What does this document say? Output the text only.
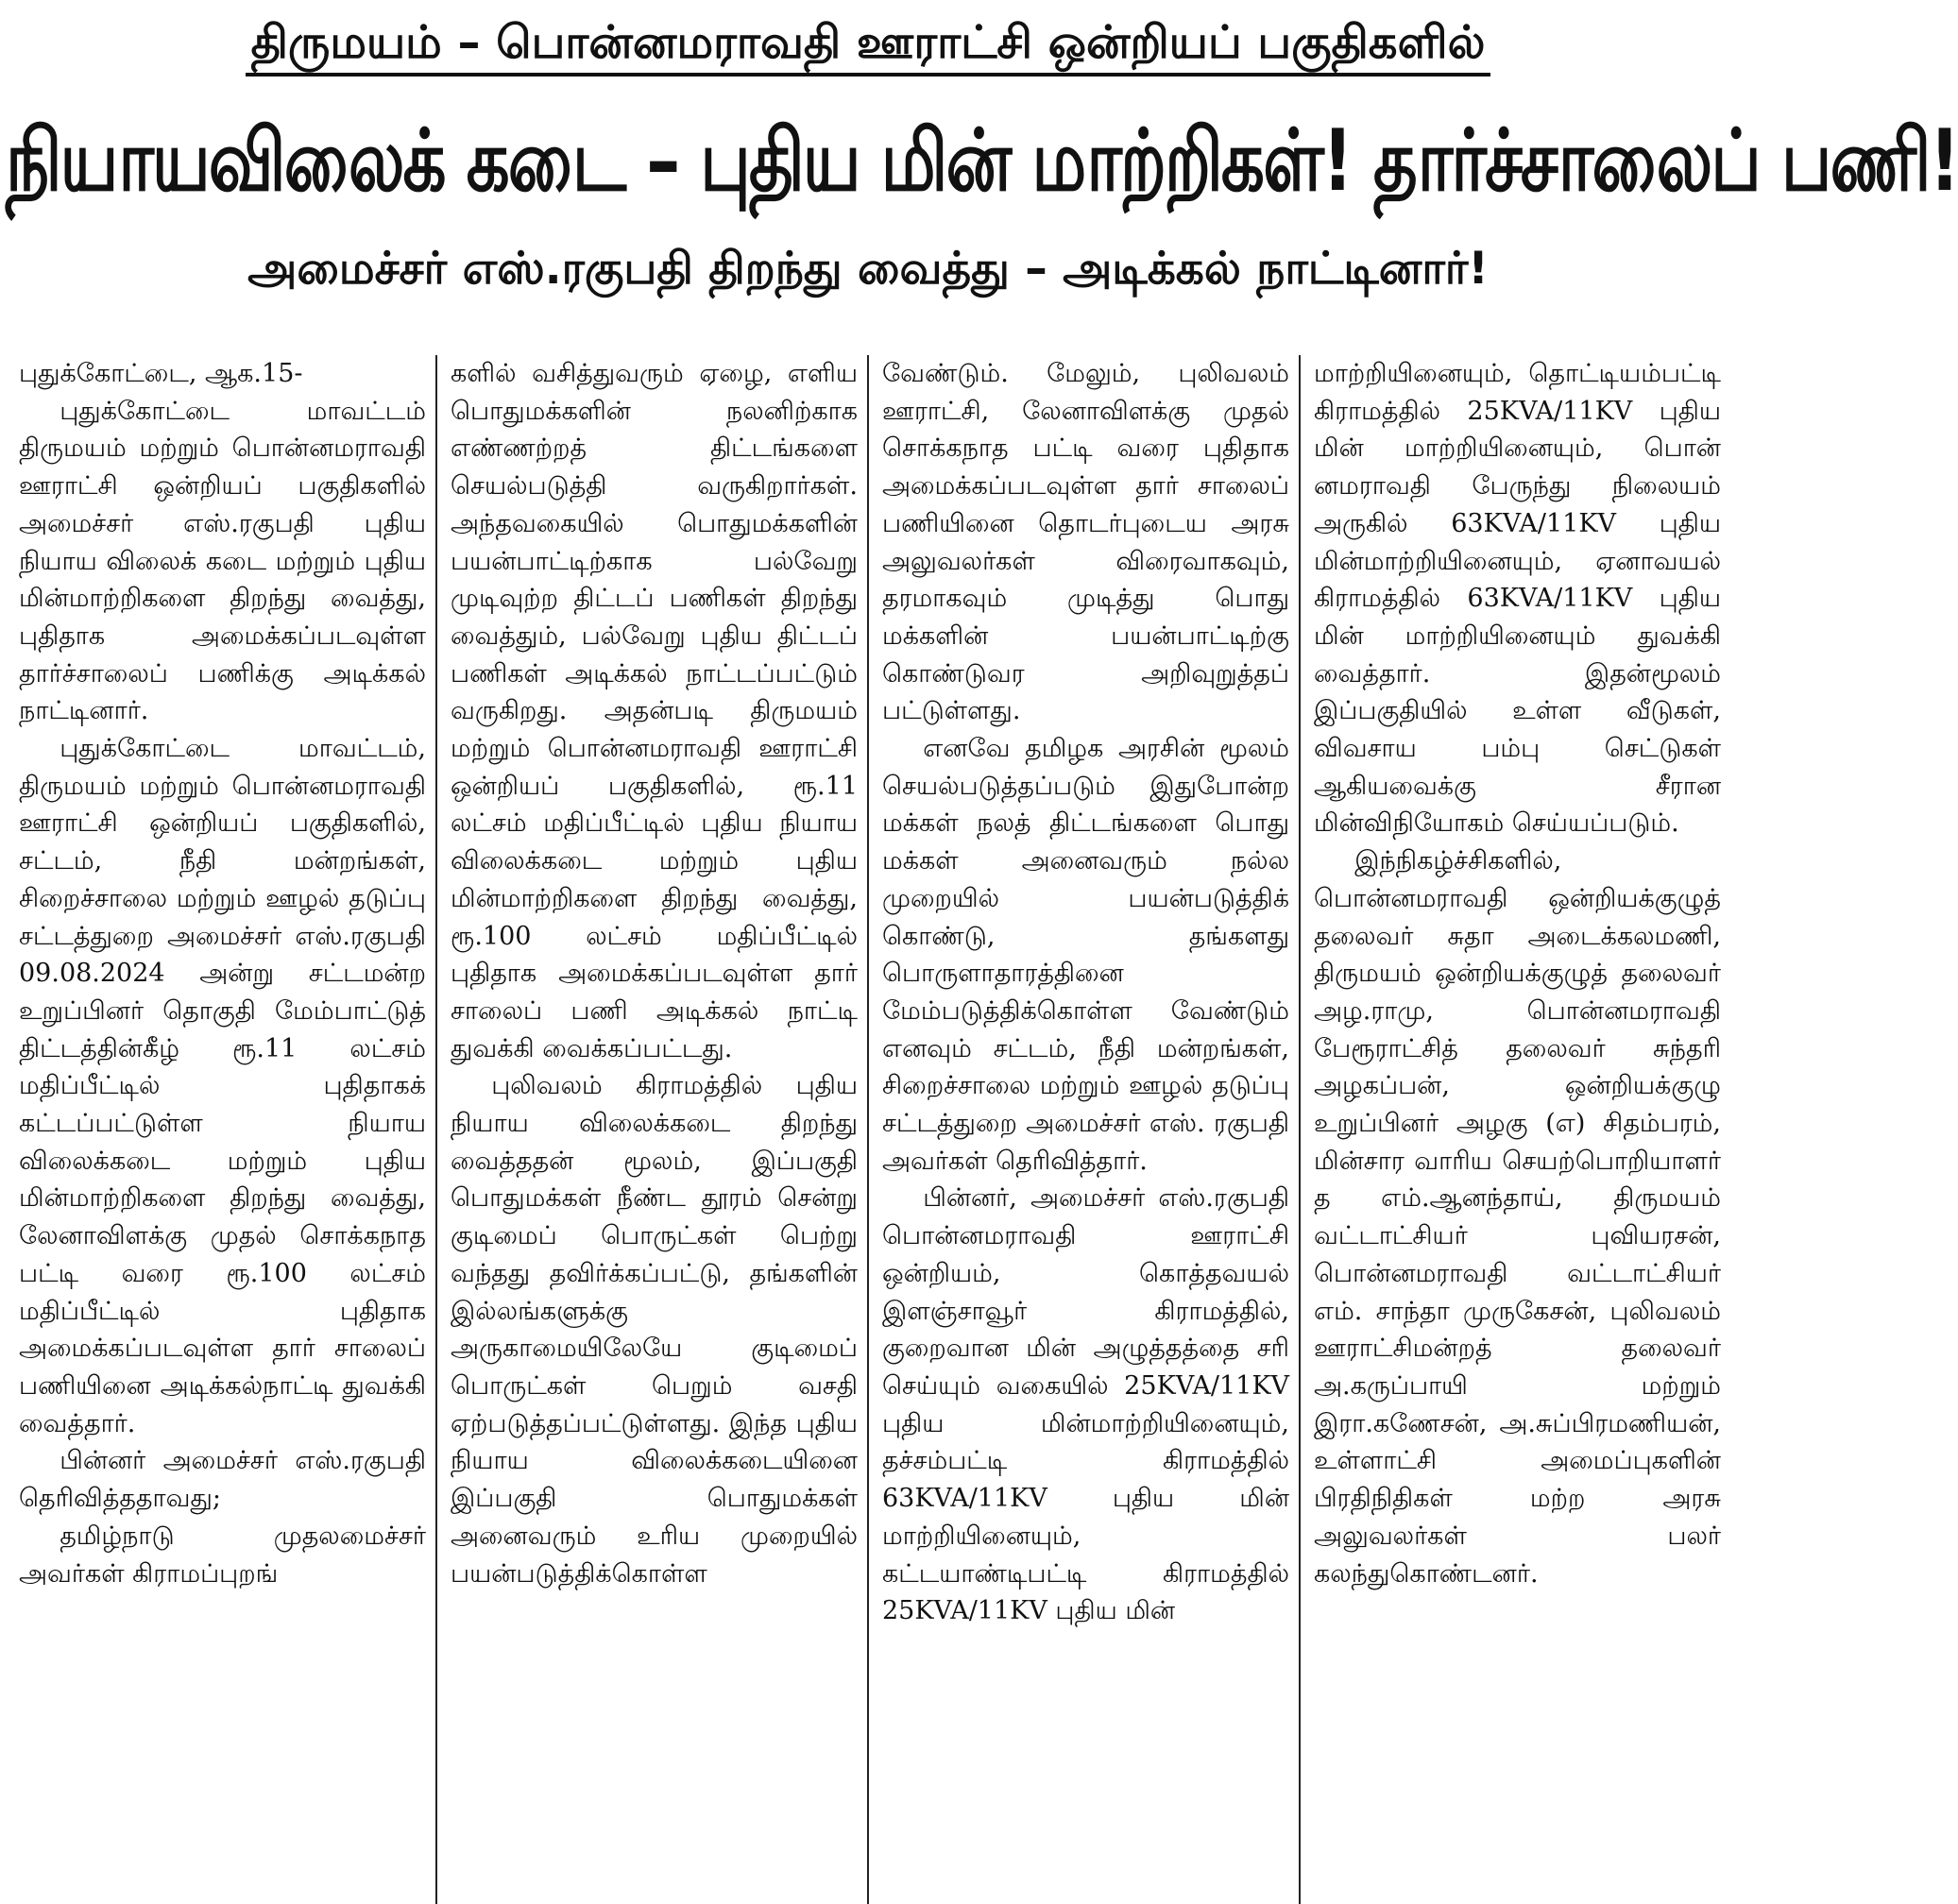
திருமயம் – பொன்னமராவதி ஊராட்சி ஒன்றியப் பகுதிகளில்
நியாயவிலைக் கடை – புதிய மின் மாற்றிகள்! தார்ச்சாலைப் பணி!
அமைச்சர் எஸ்.ரகுபதி திறந்து வைத்து – அடிக்கல் நாட்டினார்!

புதுக்கோட்டை, ஆக.15-

புதுக்கோட்டை மாவட்டம் திருமயம் மற்றும் பொன்னமராவதி ஊராட்சி ஒன்றியப் பகுதிகளில் அமைச்சர் எஸ்.ரகுபதி புதிய நியாய விலைக் கடை மற்றும் புதிய மின்மாற்றிகளை திறந்து வைத்து, புதிதாக அமைக்கப்படவுள்ள தார்ச்சாலைப் பணிக்கு அடிக்கல் நாட்டினார்.

புதுக்கோட்டை மாவட்டம், திருமயம் மற்றும் பொன்னமராவதி ஊராட்சி ஒன்றியப் பகுதிகளில், சட்டம், நீதி மன்றங்கள், சிறைச்சாலை மற்றும் ஊழல் தடுப்பு சட்டத்துறை அமைச்சர் எஸ்.ரகுபதி 09.08.2024 அன்று சட்டமன்ற உறுப்பினர் தொகுதி மேம்பாட்டுத் திட்டத்தின்கீழ் ரூ.11 லட்சம் மதிப்பீட்டில் புதிதாகக் கட்டப்பட்டுள்ள நியாய விலைக்கடை மற்றும் புதிய மின்மாற்றிகளை திறந்து வைத்து, லேனாவிளக்கு முதல் சொக்கநாத பட்டி வரை ரூ.100 லட்சம் மதிப்பீட்டில் புதிதாக அமைக்கப்படவுள்ள தார் சாலைப் பணியினை அடிக்கல்நாட்டி துவக்கி வைத்தார்.

பின்னர் அமைச்சர் எஸ்.ரகுபதி தெரிவித்ததாவது;

தமிழ்நாடு முதலமைச்சர் அவர்கள் கிராமப்புறங்

களில் வசித்துவரும் ஏழை, எளிய பொதுமக்களின் நலனிற்காக எண்ணற்றத் திட்டங்களை செயல்படுத்தி வருகிறார்கள். அந்தவகையில் பொதுமக்களின் பயன்பாட்டிற்காக பல்வேறு முடிவுற்ற திட்டப் பணிகள் திறந்து வைத்தும், பல்வேறு புதிய திட்டப் பணிகள் அடிக்கல் நாட்டப்பட்டும் வருகிறது. அதன்படி திருமயம் மற்றும் பொன்னமராவதி ஊராட்சி ஒன்றியப் பகுதிகளில், ரூ.11 லட்சம் மதிப்பீட்டில் புதிய நியாய விலைக்கடை மற்றும் புதிய மின்மாற்றிகளை திறந்து வைத்து, ரூ.100 லட்சம் மதிப்பீட்டில் புதிதாக அமைக்கப்படவுள்ள தார் சாலைப் பணி அடிக்கல் நாட்டி துவக்கி வைக்கப்பட்டது.

புலிவலம் கிராமத்தில் புதிய நியாய விலைக்கடை திறந்து வைத்ததன் மூலம், இப்பகுதி பொதுமக்கள் நீண்ட தூரம் சென்று குடிமைப் பொருட்கள் பெற்று வந்தது தவிர்க்கப்பட்டு, தங்களின் இல்லங்களுக்கு அருகாமையிலேயே குடிமைப் பொருட்கள் பெறும் வசதி ஏற்படுத்தப்பட்டுள்ளது. இந்த புதிய நியாய விலைக்கடையினை இப்பகுதி பொதுமக்கள் அனைவரும் உரிய முறையில் பயன்படுத்திக்கொள்ள

வேண்டும். மேலும், புலிவலம் ஊராட்சி, லேனாவிளக்கு முதல் சொக்கநாத பட்டி வரை புதிதாக அமைக்கப்படவுள்ள தார் சாலைப் பணியினை தொடர்புடைய அரசு அலுவலர்கள் விரைவாகவும், தரமாகவும் முடித்து பொது மக்களின் பயன்பாட்டிற்கு கொண்டுவர அறிவுறுத்தப் பட்டுள்ளது.

எனவே தமிழக அரசின் மூலம் செயல்படுத்தப்படும் இதுபோன்ற மக்கள் நலத் திட்டங்களை பொது மக்கள் அனைவரும் நல்ல முறையில் பயன்படுத்திக் கொண்டு, தங்களது பொருளாதாரத்தினை மேம்படுத்திக்கொள்ள வேண்டும் எனவும் சட்டம், நீதி மன்றங்கள், சிறைச்சாலை மற்றும் ஊழல் தடுப்பு சட்டத்துறை அமைச்சர் எஸ். ரகுபதி அவர்கள் தெரிவித்தார்.

பின்னர், அமைச்சர் எஸ்.ரகுபதி பொன்னமராவதி ஊராட்சி ஒன்றியம், கொத்தவயல் இளஞ்சாவூர் கிராமத்தில், குறைவான மின் அழுத்தத்தை சரி செய்யும் வகையில் 25KVA/11KV புதிய மின்மாற்றியினையும், தச்சம்பட்டி கிராமத்தில் 63KVA/11KV புதிய மின் மாற்றியினையும், கட்டயாண்டிபட்டி கிராமத்தில் 25KVA/11KV புதிய மின்

மாற்றியினையும், தொட்டியம்பட்டி கிராமத்தில் 25KVA/11KV புதிய மின் மாற்றியினையும், பொன் னமராவதி பேருந்து நிலையம் அருகில் 63KVA/11KV புதிய மின்மாற்றியினையும், ஏனாவயல் கிராமத்தில் 63KVA/11KV புதிய மின் மாற்றியினையும் துவக்கி வைத்தார். இதன்மூலம் இப்பகுதியில் உள்ள வீடுகள், விவசாய பம்பு செட்டுகள் ஆகியவைக்கு சீரான மின்விநியோகம் செய்யப்படும்.

இந்நிகழ்ச்சிகளில், பொன்னமராவதி ஒன்றியக்குழுத் தலைவர் சுதா அடைக்கலமணி, திருமயம் ஒன்றியக்குழுத் தலைவர் அழ.ராமு, பொன்னமராவதி பேரூராட்சித் தலைவர் சுந்தரி அழகப்பன், ஒன்றியக்குழு உறுப்பினர் அழகு (எ) சிதம்பரம், மின்சார வாரிய செயற்பொறியாளர் த எம்.ஆனந்தாய், திருமயம் வட்டாட்சியர் புவியரசன், பொன்னமராவதி வட்டாட்சியர் எம். சாந்தா முருகேசன், புலிவலம் ஊராட்சிமன்றத் தலைவர் அ.கருப்பாயி மற்றும் இரா.கணேசன், அ.சுப்பிரமணியன், உள்ளாட்சி அமைப்புகளின் பிரதிநிதிகள் மற்ற அரசு அலுவலர்கள் பலர் கலந்துகொண்டனர்.
